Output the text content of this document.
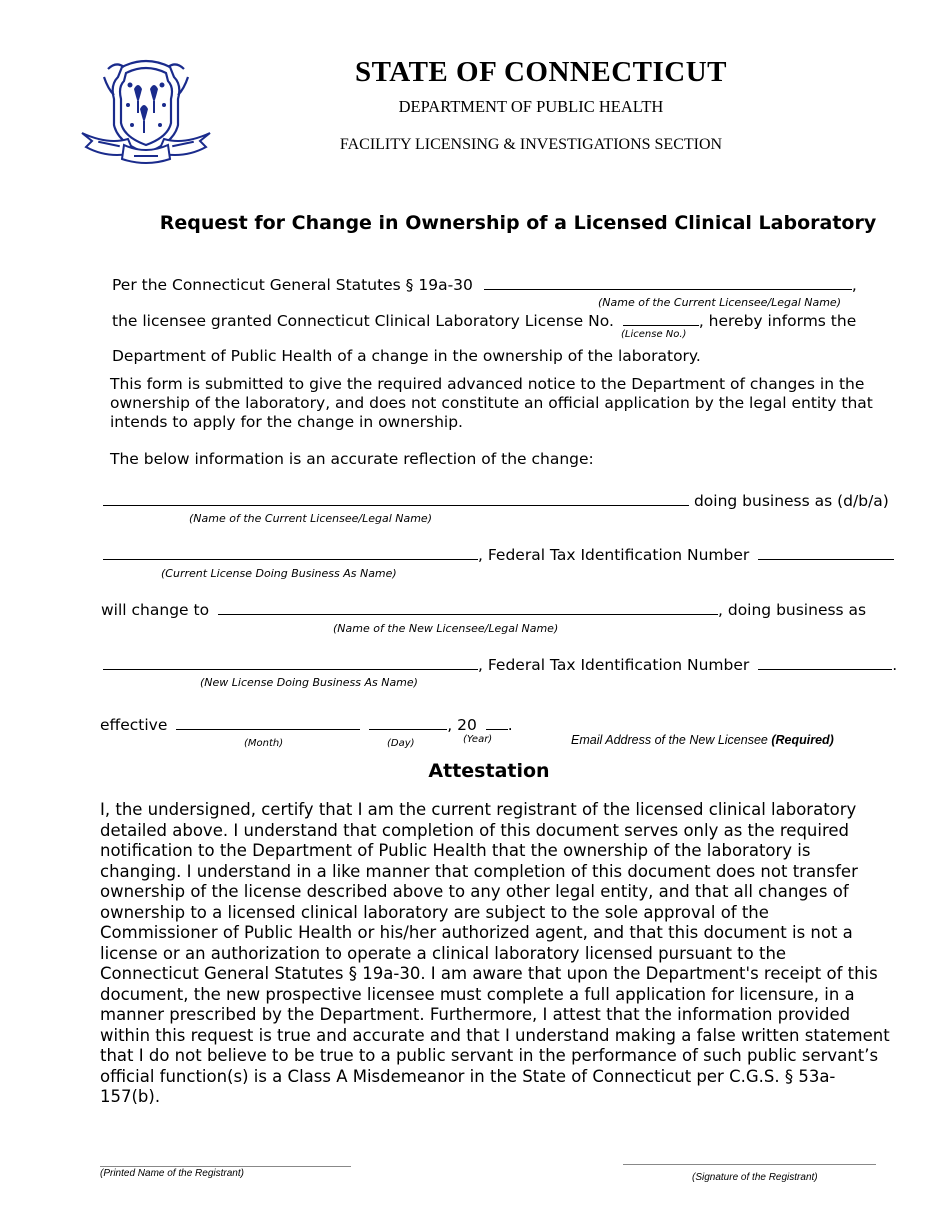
STATE OF CONNECTICUT
DEPARTMENT OF PUBLIC HEALTH
FACILITY LICENSING & INVESTIGATIONS SECTION
Request for Change in Ownership of a Licensed Clinical Laboratory
Per the Connecticut General Statutes § 19a-30	,
(Name of the Current Licensee/Legal Name)
the licensee granted Connecticut Clinical Laboratory License No.	, hereby informs the
(License No.)
Department of Public Health of a change in the ownership of the laboratory.
This form is submitted to give the required advanced notice to the Department of changes in the ownership of the laboratory, and does not constitute an official application by the legal entity that intends to apply for the change in ownership.
The below information is an accurate reflection of the change:
doing business as (d/b/a)
(Name of the Current Licensee/Legal Name)
, Federal Tax Identification Number
(Current License Doing Business As Name)
will change to	, doing business as
(Name of the New Licensee/Legal Name)
, Federal Tax Identification Number	.
(New License Doing Business As Name)
effective	, 20 .
(Month)	(Day)	(Year)	Email Address of the New Licensee (Required)
Attestation
I, the undersigned, certify that I am the current registrant of the licensed clinical laboratory detailed above. I understand that completion of this document serves only as the required notification to the Department of Public Health that the ownership of the laboratory is changing. I understand in a like manner that completion of this document does not transfer ownership of the license described above to any other legal entity, and that all changes of ownership to a licensed clinical laboratory are subject to the sole approval of the Commissioner of Public Health or his/her authorized agent, and that this document is not a license or an authorization to operate a clinical laboratory licensed pursuant to the Connecticut General Statutes § 19a-30. I am aware that upon the Department's receipt of this document, the new prospective licensee must complete a full application for licensure, in a manner prescribed by the Department. Furthermore, I attest that the information provided within this request is true and accurate and that I understand making a false written statement that I do not believe to be true to a public servant in the performance of such public servant’s official function(s) is a Class A Misdemeanor in the State of Connecticut per C.G.S. § 53a-157(b).
(Printed Name of the Registrant)	(Signature of the Registrant)
